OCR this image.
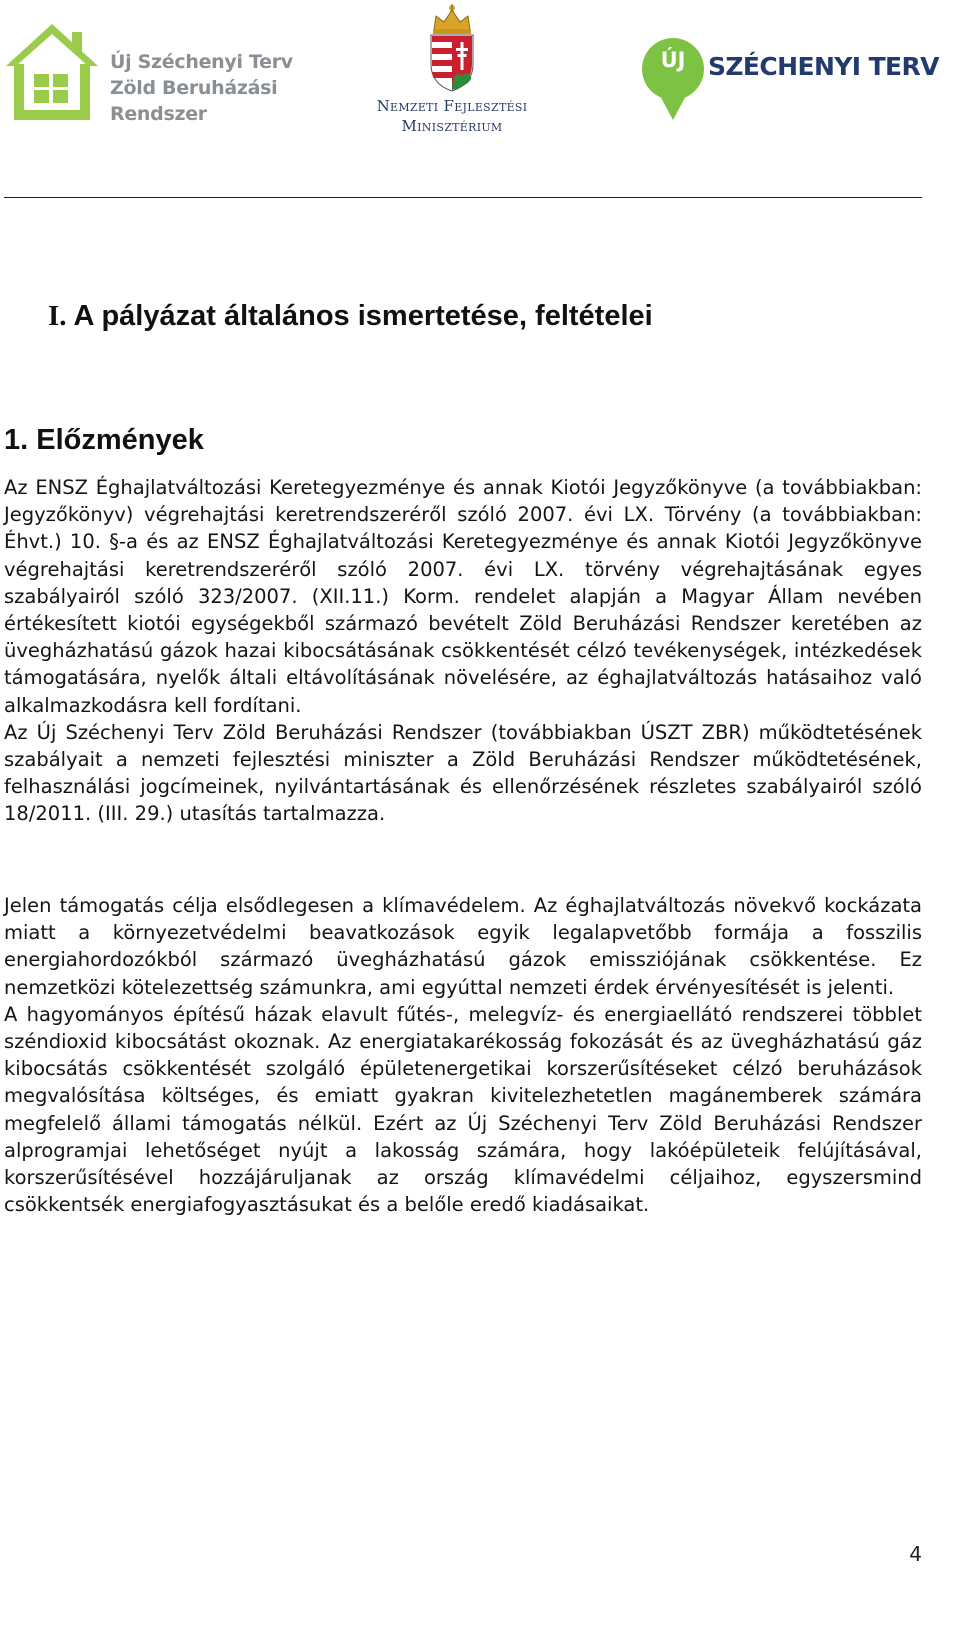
Új Széchenyi Terv
Zöld Beruházási
Rendszer	Nemzeti Fejlesztési
Minisztérium
ÚJ SZÉCHENYI TERV
I. A pályázat általános ismertetése, feltételei
1. Előzmények

Az ENSZ Éghajlatváltozási Keretegyezménye és annak Kiotói Jegyzőkönyve (a továbbiakban: Jegyzőkönyv) végrehajtási keretrendszeréről szóló 2007. évi LX. Törvény (a továbbiakban: Éhvt.) 10. §-a és az ENSZ Éghajlatváltozási Keretegyezménye és annak Kiotói Jegyzőkönyve végrehajtási keretrendszeréről szóló 2007. évi LX. törvény végrehajtásának egyes szabályairól szóló 323/2007. (XII.11.) Korm. rendelet alapján a Magyar Állam nevében értékesített kiotói egységekből származó bevételt Zöld Beruházási Rendszer keretében az üvegházhatású gázok hazai kibocsátásának csökkentését célzó tevékenységek, intézkedések támogatására, nyelők általi eltávolításának növelésére, az éghajlatváltozás hatásaihoz való alkalmazkodásra kell fordítani.

Az Új Széchenyi Terv Zöld Beruházási Rendszer (továbbiakban ÚSZT ZBR) működtetésének szabályait a nemzeti fejlesztési miniszter a Zöld Beruházási Rendszer működtetésének, felhasználási jogcímeinek, nyilvántartásának és ellenőrzésének részletes szabályairól szóló 18/2011. (III. 29.) utasítás tartalmazza.

Jelen támogatás célja elsődlegesen a klímavédelem. Az éghajlatváltozás növekvő kockázata miatt a környezetvédelmi beavatkozások egyik legalapvetőbb formája a fosszilis energiahordozókból származó üvegházhatású gázok emissziójának csökkentése. Ez nemzetközi kötelezettség számunkra, ami egyúttal nemzeti érdek érvényesítését is jelenti.

A hagyományos építésű házak elavult fűtés-, melegvíz- és energiaellátó rendszerei többlet széndioxid kibocsátást okoznak. Az energiatakarékosság fokozását és az üvegházhatású gáz kibocsátás csökkentését szolgáló épületenergetikai korszerűsítéseket célzó beruházások megvalósítása költséges, és emiatt gyakran kivitelezhetetlen magánemberek számára megfelelő állami támogatás nélkül. Ezért az Új Széchenyi Terv Zöld Beruházási Rendszer alprogramjai lehetőséget nyújt a lakosság számára, hogy lakóépületeik felújításával, korszerűsítésével hozzájáruljanak az ország klímavédelmi céljaihoz, egyszersmind csökkentsék energiafogyasztásukat és a belőle eredő kiadásaikat.

4
